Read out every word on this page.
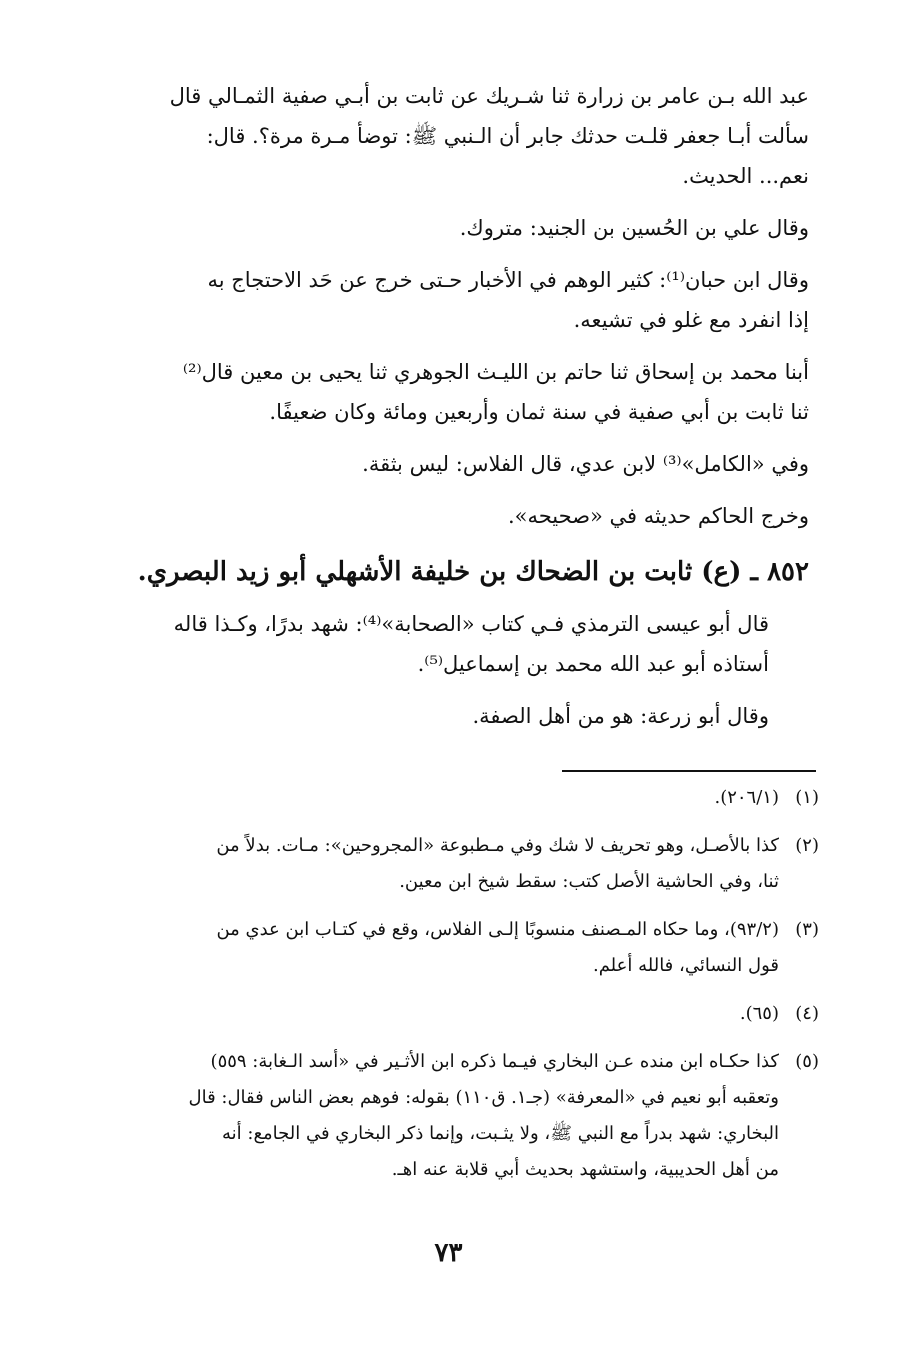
عبد الله بـن عامر بن زرارة ثنا شـريك عن ثابت بن أبـي صفية الثمـالي قال
سألت أبـا جعفر قلـت حدثك جابر أن الـنبي ﷺ: توضأ مـرة مرة؟. قال:
نعم... الحديث.

وقال علي بن الحُسين بن الجنيد: متروك.

وقال ابن حبان⁽¹⁾: كثير الوهم في الأخبار حـتى خرج عن حَد الاحتجاج به
إذا انفرد مع غلو في تشيعه.

أبنا محمد بن إسحاق ثنا حاتم بن الليـث الجوهري ثنا يحيى بن معين قال⁽²⁾
ثنا ثابت بن أبي صفية في سنة ثمان وأربعين ومائة وكان ضعيفًا.

وفي «الكامل»⁽³⁾ لابن عدي، قال الفلاس: ليس بثقة.

وخرج الحاكم حديثه في «صحيحه».

٨٥٢ ـ (ع) ثابت بن الضحاك بن خليفة الأشهلي أبو زيد البصري.

قال أبو عيسى الترمذي فـي كتاب «الصحابة»⁽⁴⁾: شهد بدرًا، وكـذا قاله
أستاذه أبو عبد الله محمد بن إسماعيل⁽⁵⁾.

وقال أبو زرعة: هو من أهل الصفة.

(١)
(٢٠٦/١).
(٢)
كذا بالأصـل، وهو تحريف لا شك وفي مـطبوعة «المجروحين»: مـات. بدلاً من
ثنا، وفي الحاشية الأصل كتب: سقط شيخ ابن معين.
(٣)
(٩٣/٢)، وما حكاه المـصنف منسوبًا إلـى الفلاس، وقع في كتـاب ابن عدي من
قول النسائي، فالله أعلم.
(٤)
(٦٥).
(٥)
كذا حكـاه ابن منده عـن البخاري فيـما ذكره ابن الأثـير في «أسد الـغابة: ٥٥٩)
وتعقبه أبو نعيم في «المعرفة» (جـ١. ق١١٠) بقوله: فوهم بعض الناس فقال: قال
البخاري: شهد بدراً مع النبي ﷺ، ولا يثـبت، وإنما ذكر البخاري في الجامع: أنه
من أهل الحديبية، واستشهد بحديث أبي قلابة عنه اهـ.
٧٣
